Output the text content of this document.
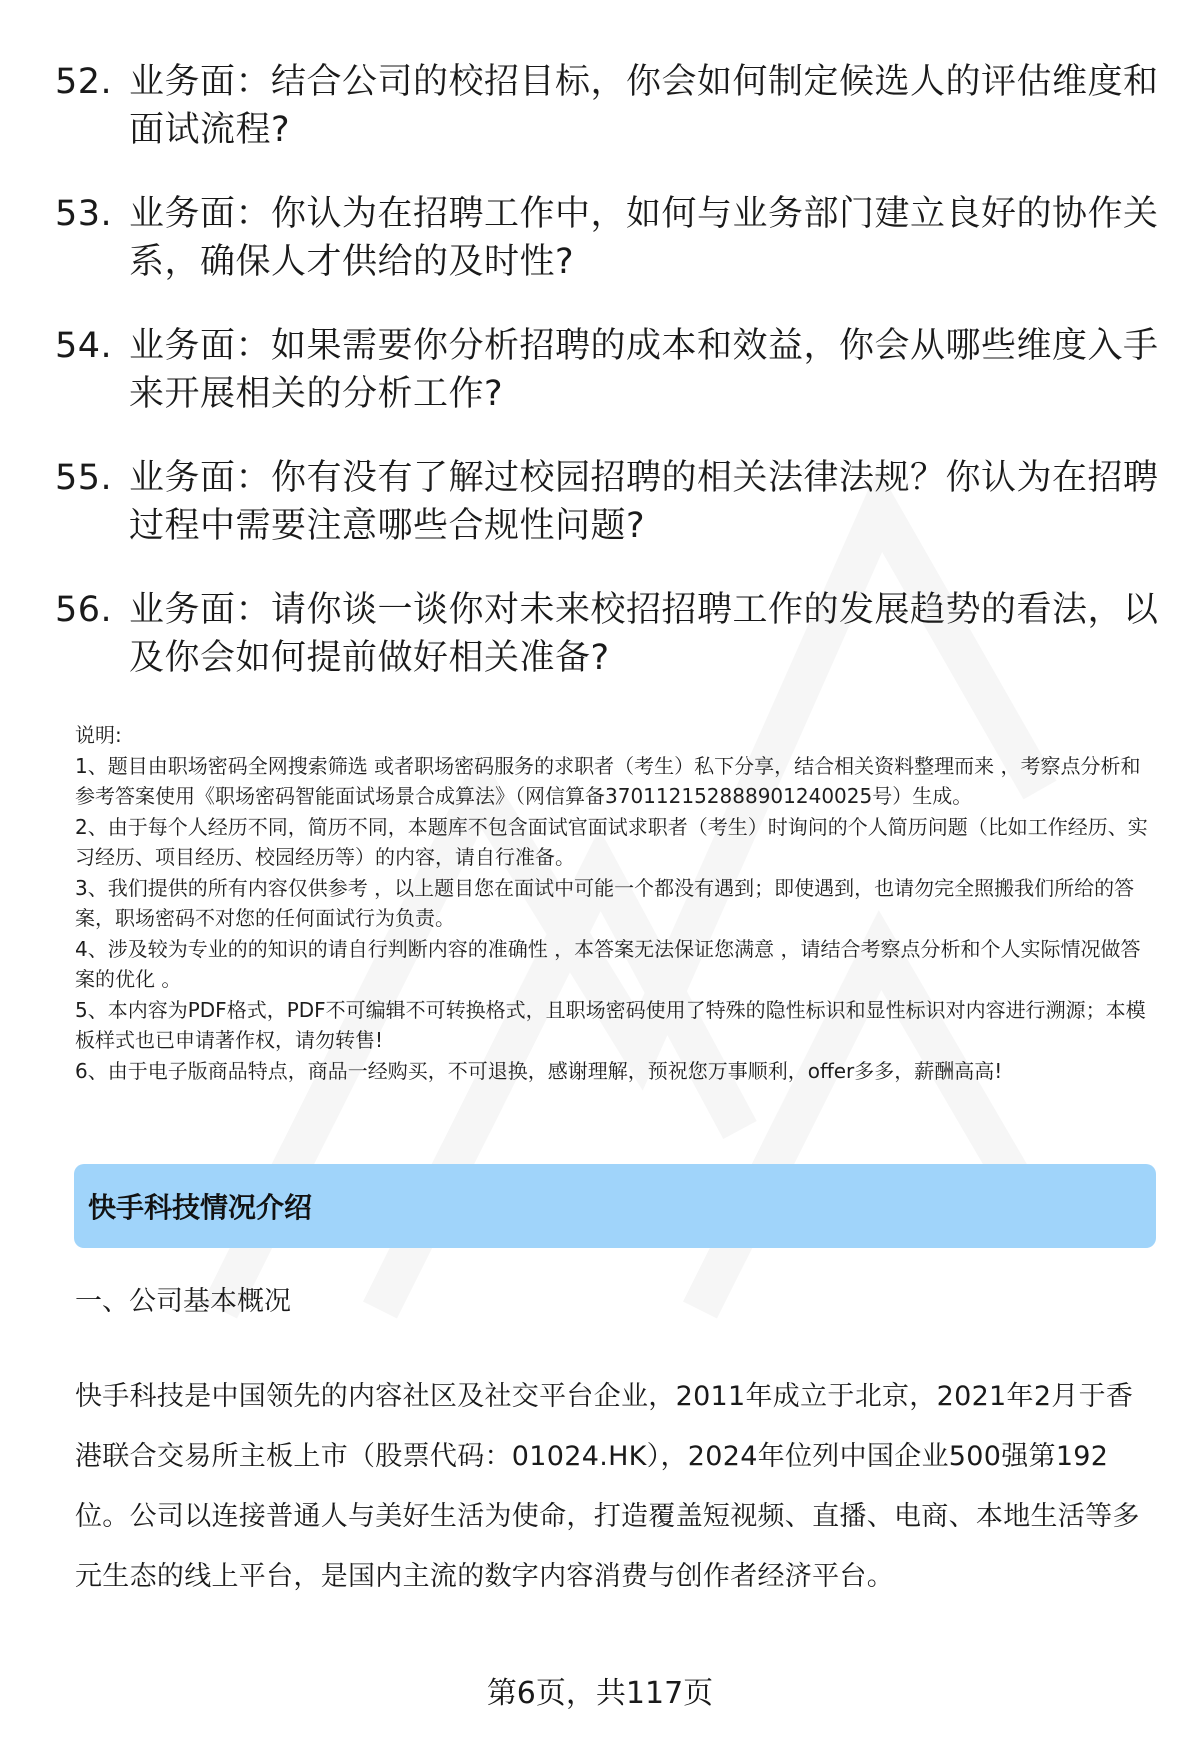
52. 业务面：结合公司的校招目标，你会如何制定候选人的评估维度和面试流程?
53. 业务面：你认为在招聘工作中，如何与业务部门建立良好的协作关系，确保人才供给的及时性?
54. 业务面：如果需要你分析招聘的成本和效益，你会从哪些维度入手来开展相关的分析工作?
55. 业务面：你有没有了解过校园招聘的相关法律法规？你认为在招聘过程中需要注意哪些合规性问题?
56. 业务面：请你谈一谈你对未来校招招聘工作的发展趋势的看法，以及你会如何提前做好相关准备?

说明:

1、题目由职场密码全网搜索筛选 或者职场密码服务的求职者（考生）私下分享，结合相关资料整理而来 ，考察点分析和参考答案使用《职场密码智能面试场景合成算法》（网信算备370112152888901240025号）生成。

2、由于每个人经历不同，简历不同，本题库不包含面试官面试求职者（考生）时询问的个人简历问题（比如工作经历、实习经历、项目经历、校园经历等）的内容，请自行准备。

3、我们提供的所有内容仅供参考 ，以上题目您在面试中可能一个都没有遇到；即使遇到，也请勿完全照搬我们所给的答案，职场密码不对您的任何面试行为负责。

4、涉及较为专业的的知识的请自行判断内容的准确性 ，本答案无法保证您满意 ，请结合考察点分析和个人实际情况做答案的优化 。

5、本内容为PDF格式，PDF不可编辑不可转换格式，且职场密码使用了特殊的隐性标识和显性标识对内容进行溯源；本模板样式也已申请著作权，请勿转售!

6、由于电子版商品特点，商品一经购买，不可退换，感谢理解，预祝您万事顺利，offer多多，薪酬高高!

快手科技情况介绍
一、公司基本概况

快手科技是中国领先的内容社区及社交平台企业，2011年成立于北京，2021年2月于香港联合交易所主板上市（股票代码：01024.HK），2024年位列中国企业500强第192位。公司以连接普通人与美好生活为使命，打造覆盖短视频、直播、电商、本地生活等多元生态的线上平台，是国内主流的数字内容消费与创作者经济平台。

第6页，共117页
